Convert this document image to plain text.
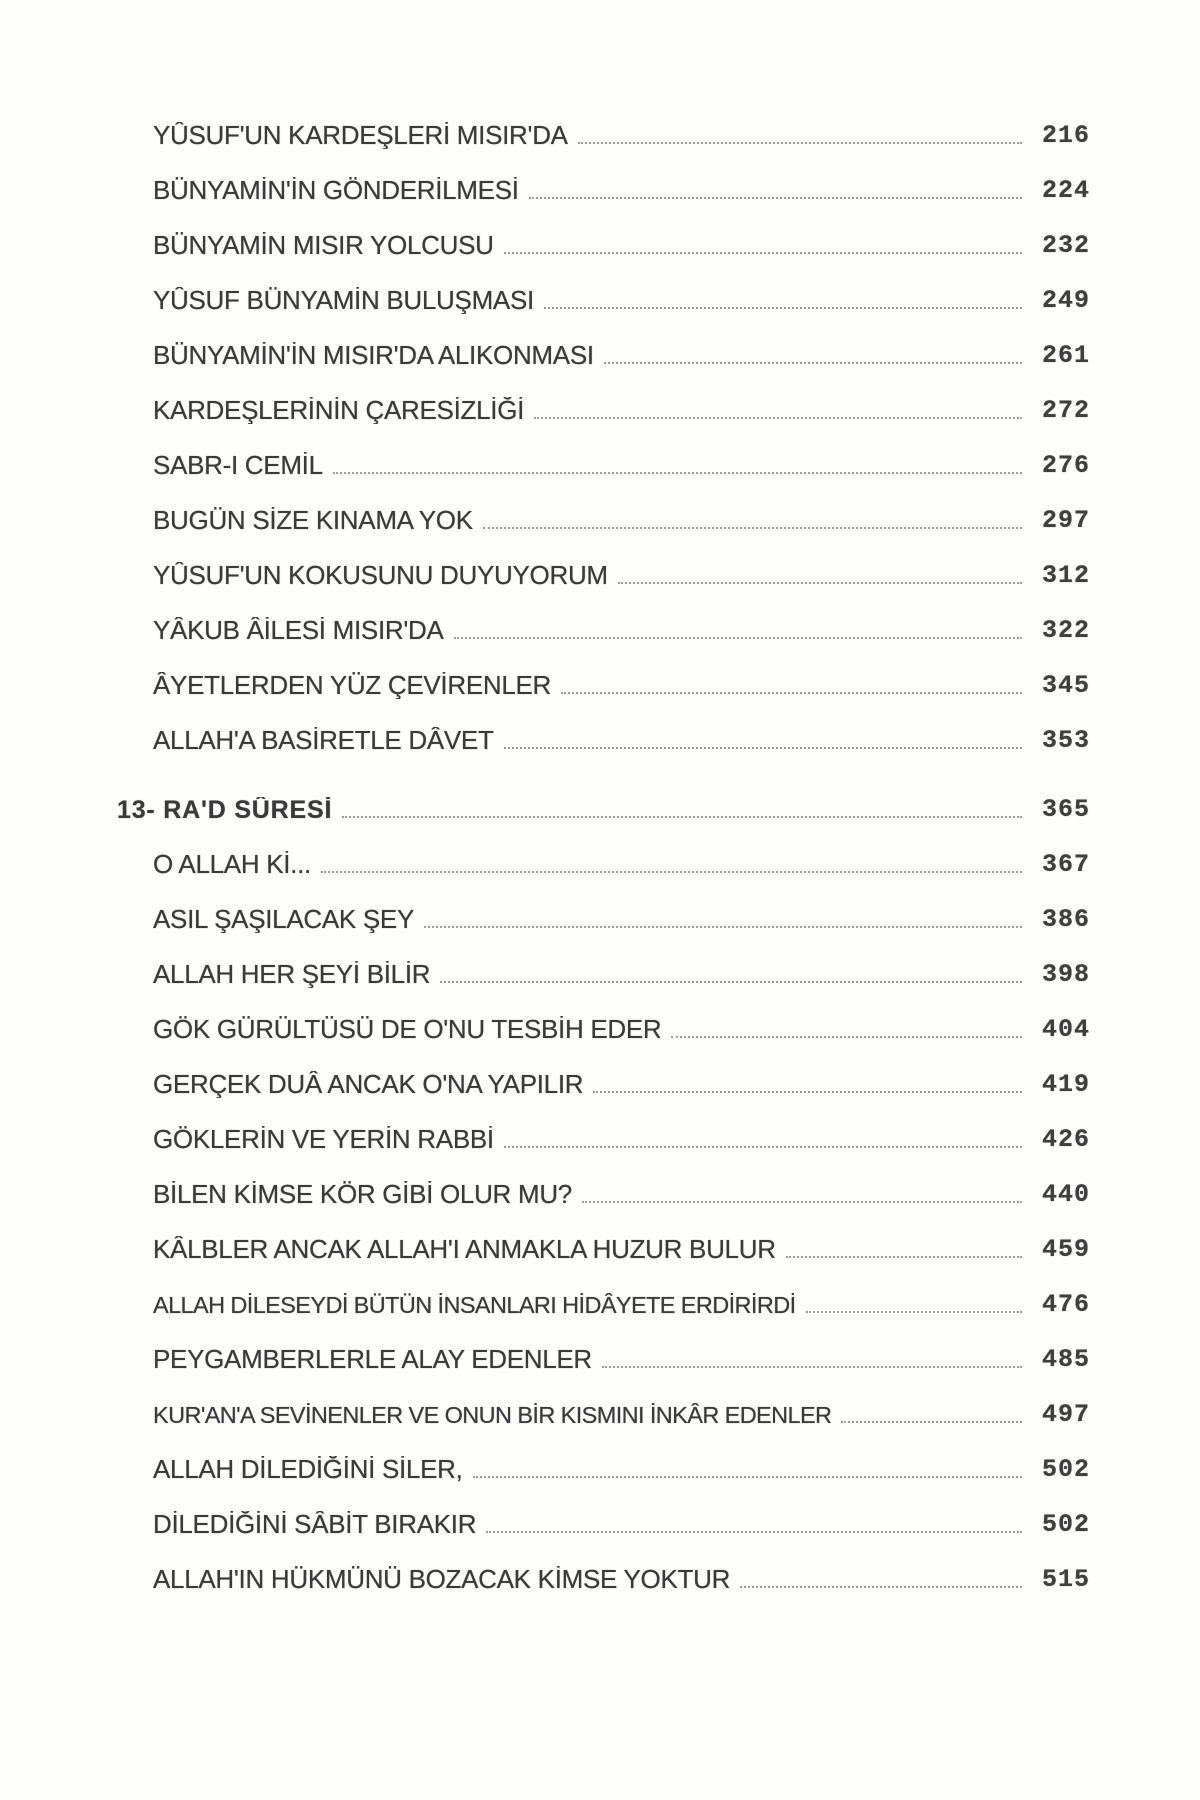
YÛSUF'UN KARDEŞLERİ MISIR'DA	216
BÜNYAMİN'İN GÖNDERİLMESİ	224
BÜNYAMİN MISIR YOLCUSU	232
YÛSUF BÜNYAMİN BULUŞMASI	249
BÜNYAMİN'İN MISIR'DA ALIKONMASI	261
KARDEŞLERİNİN ÇARESİZLİĞİ	272
SABR-I CEMİL	276
BUGÜN SİZE KINAMA YOK	297
YÛSUF'UN KOKUSUNU DUYUYORUM	312
YÂKUB ÂİLESİ MISIR'DA	322
ÂYETLERDEN YÜZ ÇEVİRENLER	345
ALLAH'A BASİRETLE DÂVET	353
13- RA'D SÛRESİ	365
O ALLAH Kİ...	367
ASIL ŞAŞILACAK ŞEY	386
ALLAH HER ŞEYİ BİLİR	398
GÖK GÜRÜLTÜSÜ DE O'NU TESBİH EDER	404
GERÇEK DUÂ ANCAK O'NA YAPILIR	419
GÖKLERİN VE YERİN RABBİ	426
BİLEN KİMSE KÖR GİBİ OLUR MU?	440
KÂLBLER ANCAK ALLAH'I ANMAKLA HUZUR BULUR	459
ALLAH DİLESEYDİ BÜTÜN İNSANLARI HİDÂYETE ERDİRİRDİ	476
PEYGAMBERLERLE ALAY EDENLER	485
KUR'AN'A SEVİNENLER VE ONUN BİR KISMINI İNKÂR EDENLER	497
ALLAH DİLEDİĞİNİ SİLER,	502
DİLEDİĞİNİ SÂBİT BIRAKIR	502
ALLAH'IN HÜKMÜNÜ BOZACAK KİMSE YOKTUR	515
